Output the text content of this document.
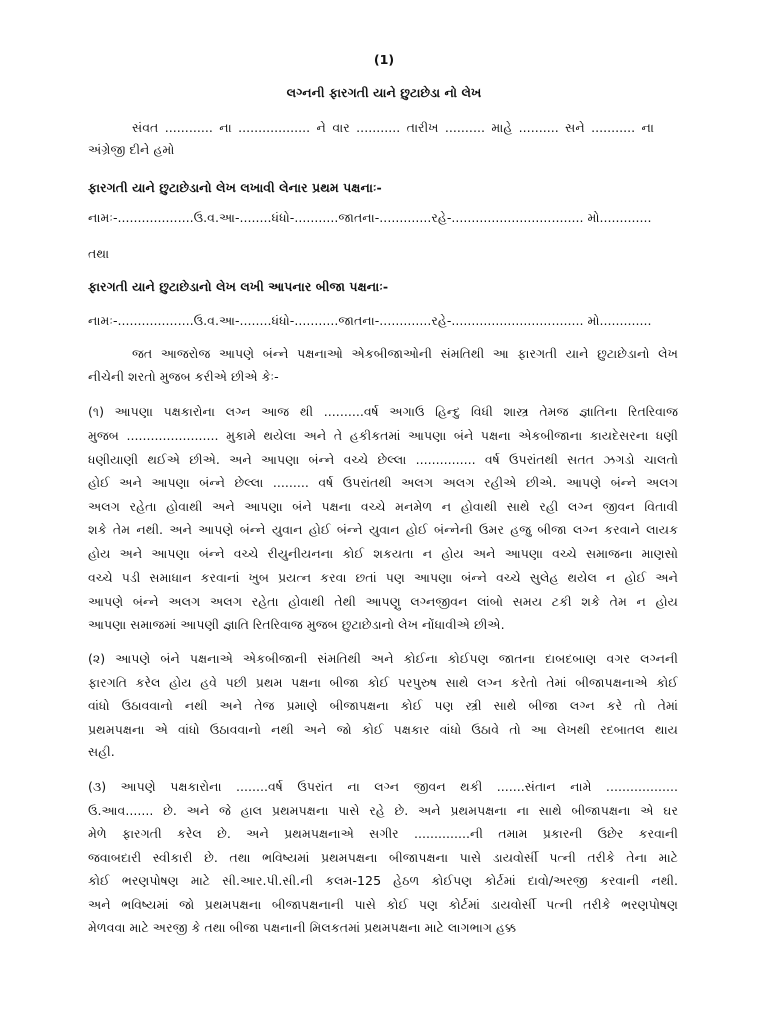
(1)
લગ્નની ફારગતી યાને છુટાછેડા નો લેખ
સંવત ............ ના .................. ને વાર ........... તારીખ .......... માહે .......... સને ........... ના
અંગ્રેજી દીને હમો
ફારગતી યાને છુટાછેડાનો લેખ લખાવી લેનાર પ્રથમ પક્ષનાઃ-
નામઃ-...................ઉ.વ.આ-........ધંધો-...........જાતના-.............રહે-................................. મો.............
તથા
ફારગતી યાને છુટાછેડાનો લેખ લખી આપનાર બીજા પક્ષનાઃ-
નામઃ-...................ઉ.વ.આ-........ધંધો-...........જાતના-.............રહે-................................. મો.............
જત આજરોજ આપણે બંન્ને પક્ષનાઓ એકબીજાઓની સંમતિથી આ ફારગતી યાને છુટાછેડાનો લેખ
નીચેની શરતો મુજબ કરીએ છીએ કેઃ-
(૧) આપણા પક્ષકારોના લગ્ન આજ થી ..........વર્ષ અગાઉ હિન્દુ વિધી શાસ્ત્ર તેમજ જ્ઞાતિના રિતરિવાજ
મુજબ ....................... મુકામે થયેલા અને તે હકીકતમાં આપણા બંને પક્ષના એકબીજાના કાયદેસરના ધણી
ધણીયાણી થઈએ છીએ. અને આપણા બંન્ને વચ્ચે છેલ્લા ............... વર્ષ ઉપરાંતથી સતત ઝગડો ચાલતો
હોઈ અને આપણા બંન્ને છેલ્લા ......... વર્ષ ઉપરાંતથી અલગ અલગ રહીએ છીએ. આપણે બંન્ને અલગ
અલગ રહેતા હોવાથી અને આપણા બંને પક્ષના વચ્ચે મનમેળ ન હોવાથી સાથે રહી લગ્ન જીવન વિતાવી
શકે તેમ નથી. અને આપણે બંન્ને યુવાન હોઈ બંન્ને યુવાન હોઈ બંન્નેની ઉંમર હજુ બીજા લગ્ન કરવાને લાયક
હોય અને આપણા બંન્ને વચ્ચે રીયુનીયનના કોઈ શકયતા ન હોય અને આપણા વચ્ચે સમાજના માણસો
વચ્ચે પડી સમાધાન કરવાનાં ખુબ પ્રયત્ન કરવા છતાં પણ આપણા બંન્ને વચ્ચે સુલેહ થયેલ ન હોઈ અને
આપણે બંન્ને અલગ અલગ રહેતા હોવાથી તેથી આપણુ લગ્નજીવન લાંબો સમય ટકી શકે તેમ ન હોય
આપણા સમાજમાં આપણી જ્ઞાતિ રિતરિવાજ મુજબ છુટાછેડાનો લેખ નોંધાવીએ છીએ.
(૨) આપણે બંને પક્ષનાએ એકબીજાની સંમતિથી અને કોઈના કોઈપણ જાતના દાબદબાણ વગર લગ્નની
ફારગતિ કરેલ હોય હવે પછી પ્રથમ પક્ષના બીજા કોઈ પરપુરુષ સાથે લગ્ન કરેતો તેમાં બીજાપક્ષનાએ કોઈ
વાંધો ઉઠાવવાનો નથી અને તેજ પ્રમાણે બીજાપક્ષના કોઈ પણ સ્ત્રી સાથે બીજા લગ્ન કરે તો તેમાં
પ્રથમપક્ષના એ વાંધો ઉઠાવવાનો નથી અને જો કોઈ પક્ષકાર વાંધો ઉઠાવે તો આ લેખથી રદબાતલ થાય
સહી.
(૩) આપણે પક્ષકારોના ........વર્ષ ઉપરાંત ના લગ્ન જીવન થકી .......સંતાન નામે ..................
ઉ.આવ....... છે. અને જે હાલ પ્રથમપક્ષના પાસે રહે છે. અને પ્રથમપક્ષના ના સાથે બીજાપક્ષના એ ઘર
મેળે ફારગતી કરેલ છે. અને પ્રથમપક્ષનાએ સગીર ..............ની તમામ પ્રકારની ઉછેર કરવાની
જવાબદારી સ્વીકારી છે. તથા ભવિષ્યમાં પ્રથમપક્ષના બીજાપક્ષના પાસે ડાયવોર્સી પત્ની તરીકે તેના માટે
કોઈ ભરણપોષણ માટે સી.આર.પી.સી.ની કલમ-125 હેઠળ કોઈપણ કોર્ટમાં દાવો/અરજી કરવાની નથી.
અને ભવિષ્યમાં જો પ્રથમપક્ષના બીજાપક્ષનાની પાસે કોઈ પણ કોર્ટમાં ડાયવોર્સી પત્ની તરીકે ભરણપોષણ
મેળવવા માટે અરજી કે તથા બીજા પક્ષનાની મિલકતમાં પ્રથમપક્ષના માટે લાગભાગ હક્ક
